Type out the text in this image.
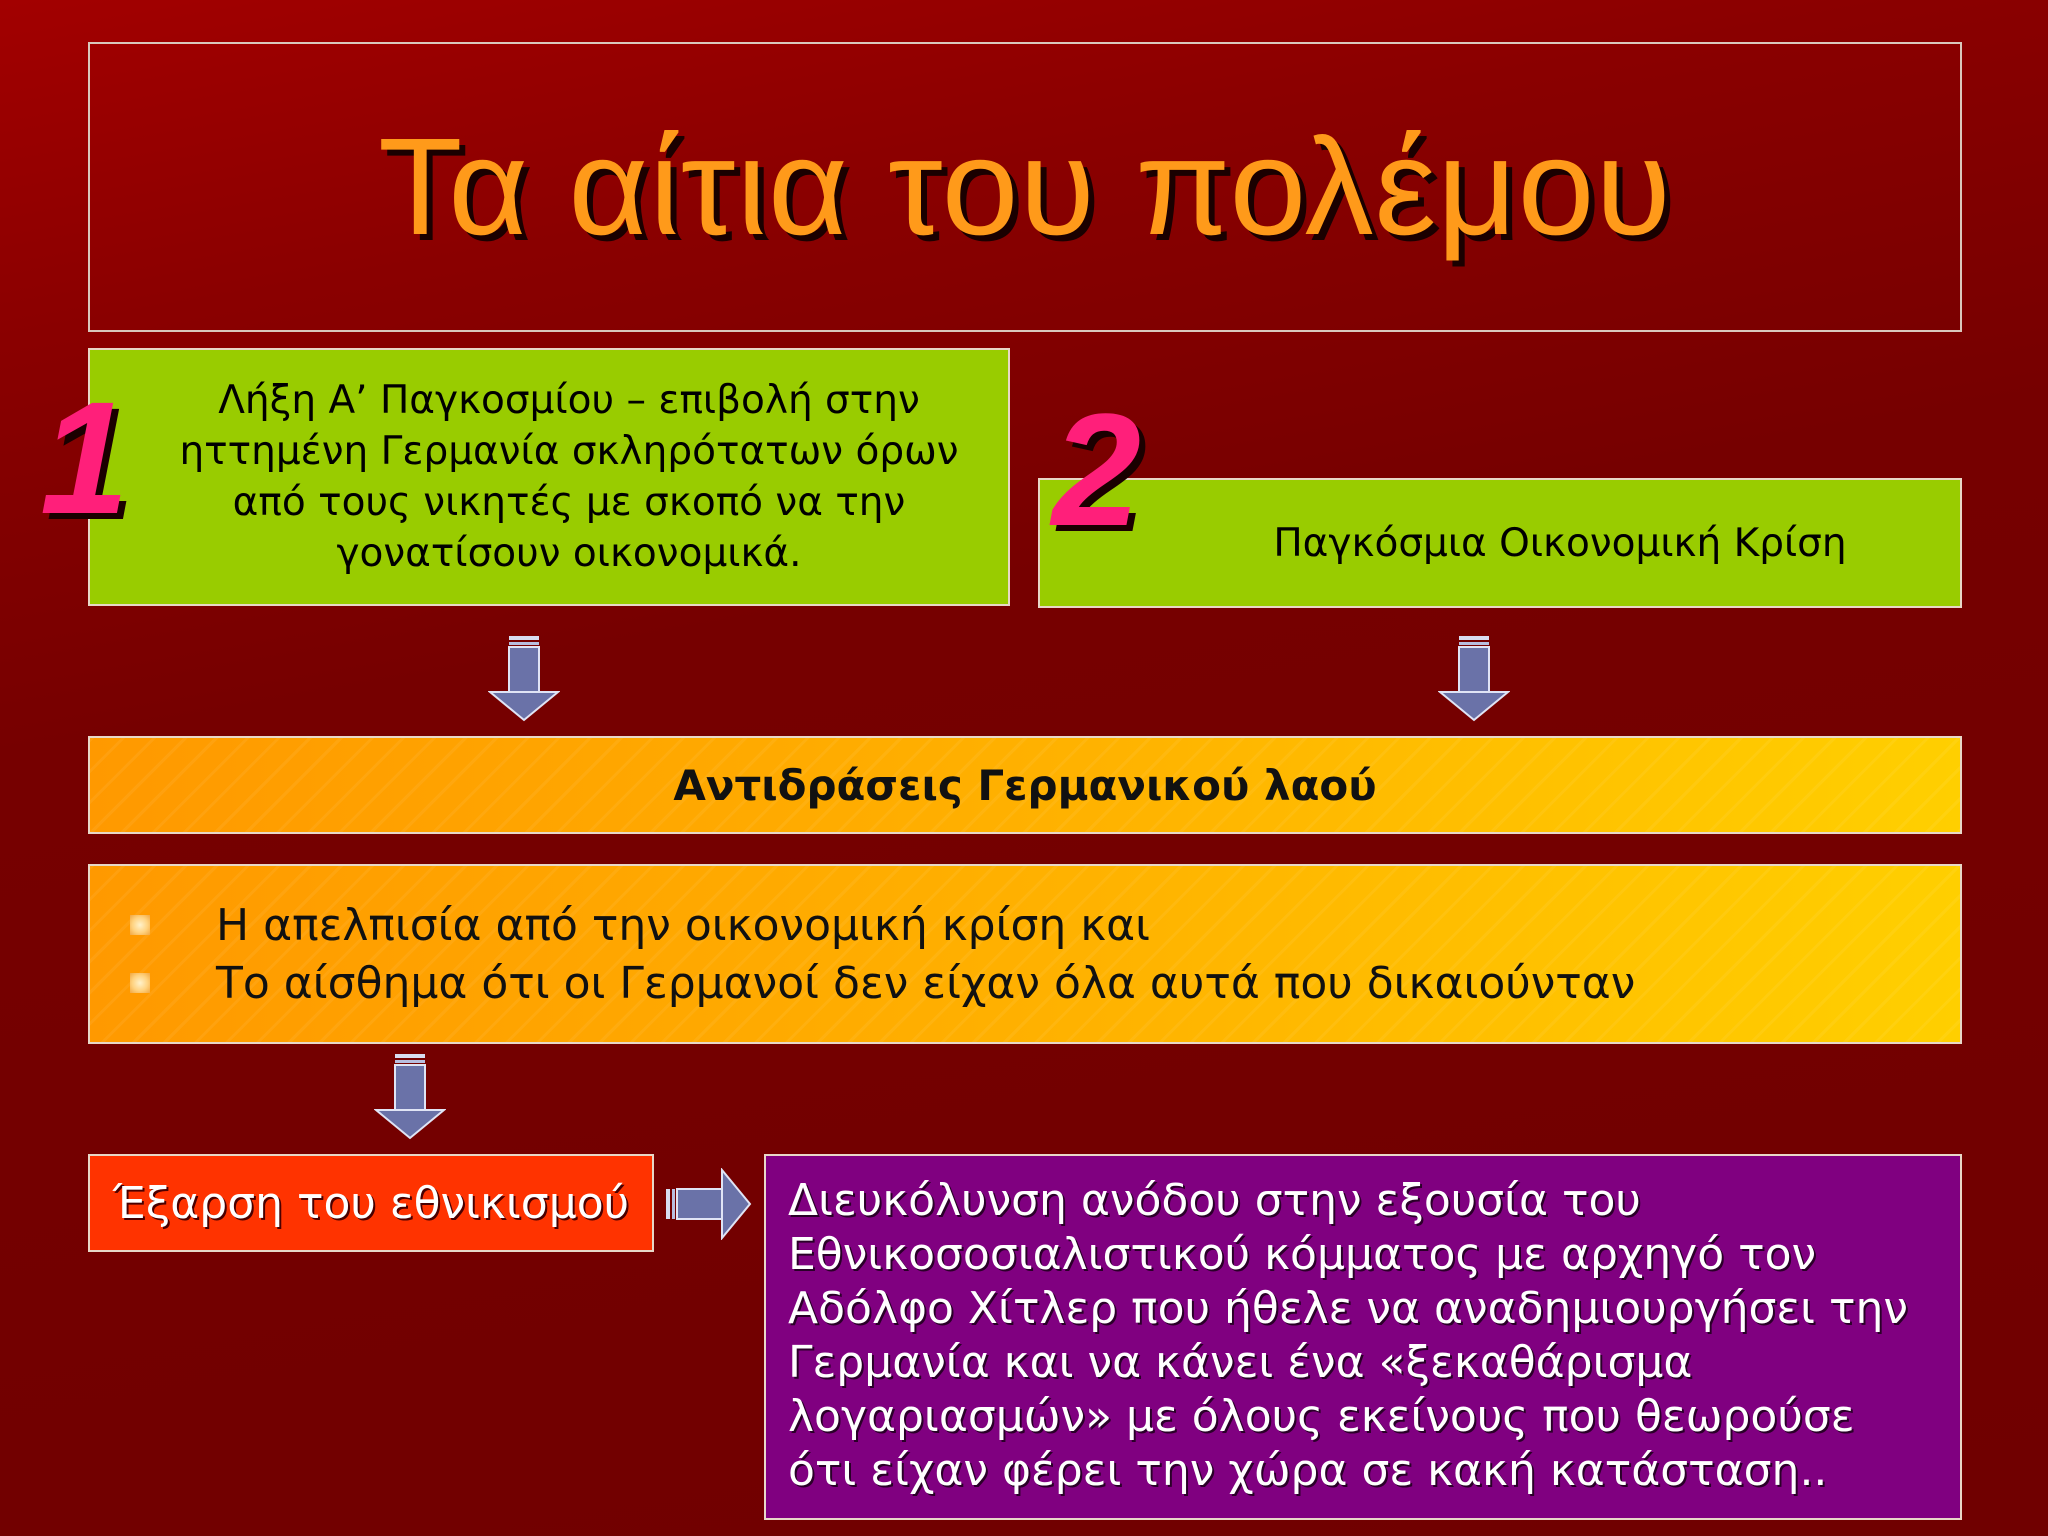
Τα αίτια του πολέμου
Λήξη Α’ Παγκοσμίου – επιβολή στην
ηττημένη Γερμανία σκληρότατων όρων
από τους νικητές με σκοπό να την
γονατίσουν οικονομικά.
1	Παγκόσμια Οικονομική Κρίση
2
Αντιδράσεις Γερμανικού λαού
Η απελπισία από την οικονομική κρίση και
Το αίσθημα ότι οι Γερμανοί δεν είχαν όλα αυτά που δικαιούνταν
Έξαρση του εθνικισμού	Διευκόλυνση ανόδου στην εξουσία του

Εθνικοσοσιαλιστικού κόμματος με αρχηγό τον

Αδόλφο Χίτλερ που ήθελε να αναδημιουργήσει την

Γερμανία και να κάνει ένα «ξεκαθάρισμα

λογαριασμών» με όλους εκείνους που θεωρούσε

ότι είχαν φέρει την χώρα σε κακή κατάσταση..
